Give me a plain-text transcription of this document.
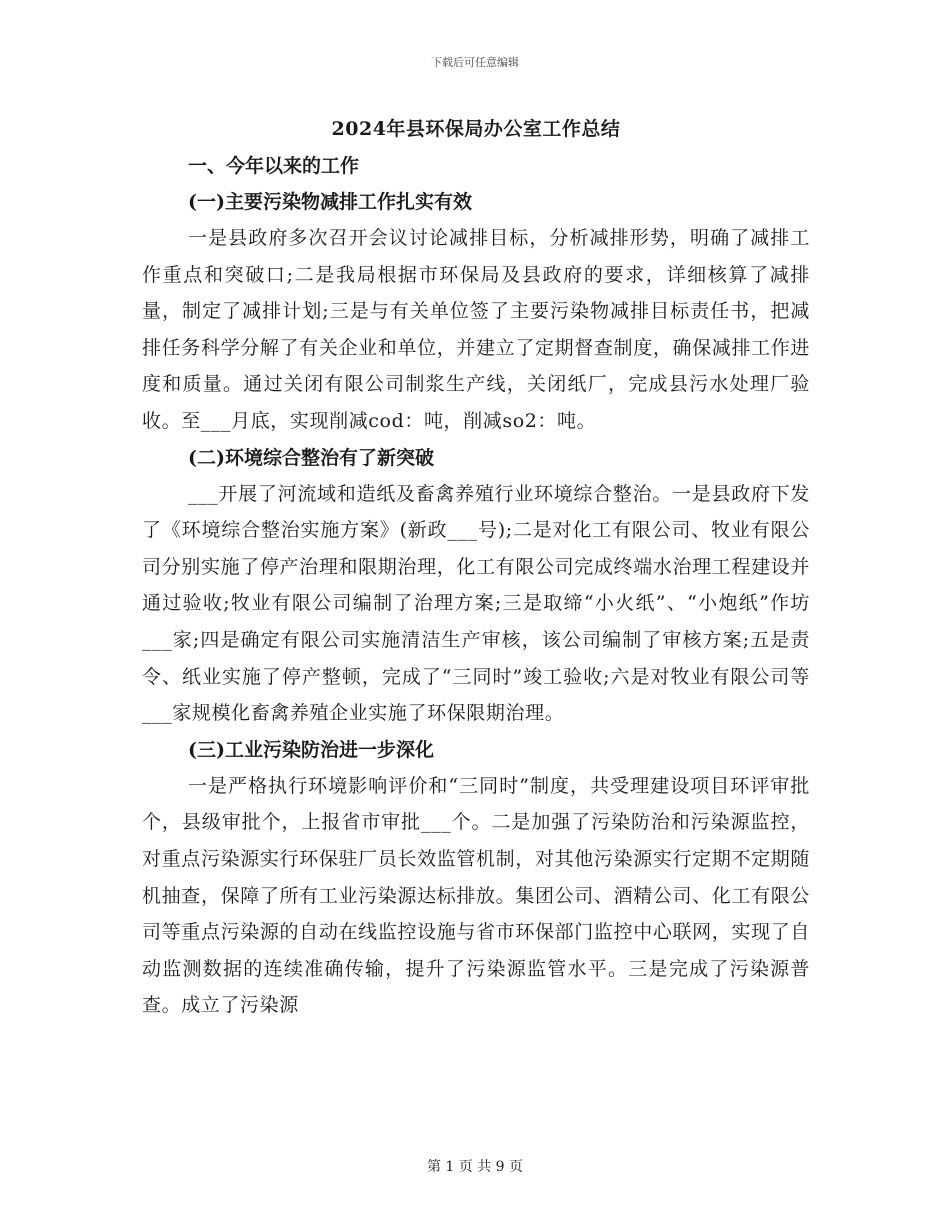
下载后可任意编辑
2024年县环保局办公室工作总结
一、今年以来的工作
(一)主要污染物减排工作扎实有效

一是县政府多次召开会议讨论减排目标，分析减排形势，明确了减排工作重点和突破口;二是我局根据市环保局及县政府的要求，详细核算了减排量，制定了减排计划;三是与有关单位签了主要污染物减排目标责任书，把减排任务科学分解了有关企业和单位，并建立了定期督查制度，确保减排工作进度和质量。通过关闭有限公司制浆生产线，关闭纸厂，完成县污水处理厂验收。至___月底，实现削减cod：吨，削减so2：吨。

(二)环境综合整治有了新突破

___开展了河流域和造纸及畜禽养殖行业环境综合整治。一是县政府下发了《环境综合整治实施方案》(新政___号);二是对化工有限公司、牧业有限公司分别实施了停产治理和限期治理，化工有限公司完成终端水治理工程建设并通过验收;牧业有限公司编制了治理方案;三是取缔“小火纸”、“小炮纸”作坊___家;四是确定有限公司实施清洁生产审核，该公司编制了审核方案;五是责令、纸业实施了停产整顿，完成了“三同时”竣工验收;六是对牧业有限公司等___家规模化畜禽养殖企业实施了环保限期治理。

(三)工业污染防治进一步深化

一是严格执行环境影响评价和“三同时”制度，共受理建设项目环评审批个，县级审批个，上报省市审批___个。二是加强了污染防治和污染源监控，对重点污染源实行环保驻厂员长效监管机制，对其他污染源实行定期不定期随机抽查，保障了所有工业污染源达标排放。集团公司、酒精公司、化工有限公司等重点污染源的自动在线监控设施与省市环保部门监控中心联网，实现了自动监测数据的连续准确传输，提升了污染源监管水平。三是完成了污染源普查。成立了污染源

第 1 页 共 9 页
